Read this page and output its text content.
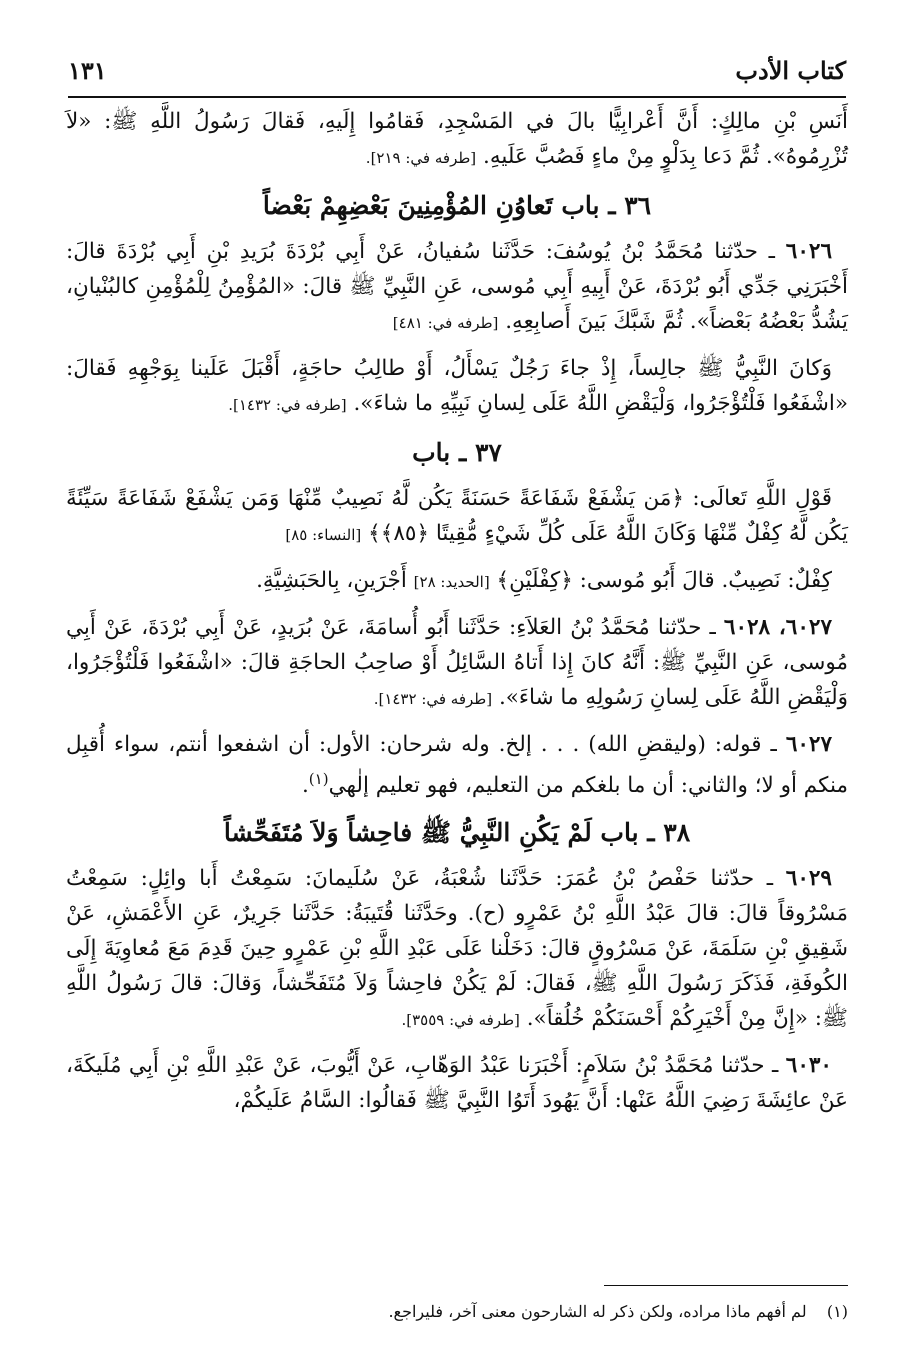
كتاب الأدب
١٣١

أَنَسِ بْنِ مالِكٍ: أَنَّ أَعْرابِيًّا بالَ في المَسْجِدِ، فَقامُوا إِلَيهِ، فَقالَ رَسُولُ اللَّهِ ﷺ: «لاَ تُزْرِمُوهُ». ثُمَّ دَعا بِدَلْوٍ مِنْ ماءٍ فَصُبَّ عَلَيهِ. [طرفه في: ٢١٩].

٣٦ ـ باب تَعاوُنِ المُؤْمِنِينَ بَعْضِهِمْ بَعْضاً

٦٠٢٦ ـ حدّثنا مُحَمَّدُ بْنُ يُوسُفَ: حَدَّثَنا سُفيانُ، عَنْ أَبِي بُرْدَةَ بُرَيدِ بْنِ أَبِي بُرْدَةَ قالَ: أَخْبَرَنِي جَدِّي أَبُو بُرْدَةَ، عَنْ أَبِيهِ أَبِي مُوسى، عَنِ النَّبِيِّ ﷺ قالَ: «المُؤْمِنُ لِلْمُؤْمِنِ كالبُنْيانِ، يَشُدُّ بَعْضُهُ بَعْضاً». ثُمَّ شَبَّكَ بَينَ أَصابِعِهِ. [طرفه في: ٤٨١]

وَكانَ النَّبِيُّ ﷺ جالِساً، إِذْ جاءَ رَجُلٌ يَسْأَلُ، أَوْ طالِبُ حاجَةٍ، أَقْبَلَ عَلَينا بِوَجْهِهِ فَقالَ: «اشْفَعُوا فَلْتُؤْجَرُوا، وَلْيَقْضِ اللَّهُ عَلَى لِسانِ نَبِيِّهِ ما شاءَ». [طرفه في: ١٤٣٢].

٣٧ ـ باب

قَوْلِ اللَّهِ تَعالَى: ﴿مَن يَشْفَعْ شَفَاعَةً حَسَنَةً يَكُن لَّهُ نَصِيبٌ مِّنْهَا وَمَن يَشْفَعْ شَفَاعَةً سَيِّئَةً يَكُن لَّهُ كِفْلٌ مِّنْهَا وَكَانَ اللَّهُ عَلَى كُلِّ شَيْءٍ مُّقِيتًا ﴿٨٥﴾﴾ [النساء: ٨٥]

كِفْلٌ: نَصِيبٌ. قالَ أَبُو مُوسى: ﴿كِفْلَيْنِ﴾ [الحديد: ٢٨] أَجْرَينِ، بِالحَبَشِيَّةِ.

٦٠٢٧، ٦٠٢٨ ـ حدّثنا مُحَمَّدُ بْنُ العَلاَءِ: حَدَّثَنا أَبُو أُسامَةَ، عَنْ بُرَيدٍ، عَنْ أَبِي بُرْدَةَ، عَنْ أَبِي مُوسى، عَنِ النَّبِيِّ ﷺ: أَنَّهُ كانَ إِذا أَتاهُ السَّائِلُ أَوْ صاحِبُ الحاجَةِ قالَ: «اشْفَعُوا فَلْتُؤْجَرُوا، وَلْيَقْضِ اللَّهُ عَلَى لِسانِ رَسُولِهِ ما شاءَ». [طرفه في: ١٤٣٢].

٦٠٢٧ ـ قوله: (وليقضِ الله) . . . إلخ. وله شرحان: الأول: أن اشفعوا أنتم، سواء أُقبِل منكم أو لا؛ والثاني: أن ما بلغكم من التعليم، فهو تعليم إلٰهي$^{(١)}$.

٣٨ ـ باب لَمْ يَكُنِ النَّبِيُّ ﷺ فاحِشاً وَلاَ مُتَفَحِّشاً

٦٠٢٩ ـ حدّثنا حَفْصُ بْنُ عُمَرَ: حَدَّثَنا شُعْبَةُ، عَنْ سُلَيمانَ: سَمِعْتُ أَبا وائِلٍ: سَمِعْتُ مَسْرُوقاً قالَ: قالَ عَبْدُ اللَّهِ بْنُ عَمْرٍو (ح). وحَدَّثَنا قُتَيبَةُ: حَدَّثَنا جَرِيرٌ، عَنِ الأَعْمَشِ، عَنْ شَقِيقِ بْنِ سَلَمَةَ، عَنْ مَسْرُوقٍ قالَ: دَخَلْنا عَلَى عَبْدِ اللَّهِ بْنِ عَمْرٍو حِينَ قَدِمَ مَعَ مُعاوِيَةَ إِلَى الكُوفَةِ، فَذَكَرَ رَسُولَ اللَّهِ ﷺ، فَقالَ: لَمْ يَكُنْ فاحِشاً وَلاَ مُتَفَحِّشاً، وَقالَ: قالَ رَسُولُ اللَّهِ ﷺ: «إِنَّ مِنْ أَخْيَرِكُمْ أَحْسَنَكُمْ خُلُقاً». [طرفه في: ٣٥٥٩].

٦٠٣٠ ـ حدّثنا مُحَمَّدُ بْنُ سَلاَمٍ: أَخْبَرَنا عَبْدُ الوَهّابِ، عَنْ أَيُّوبَ، عَنْ عَبْدِ اللَّهِ بْنِ أَبِي مُلَيكَةَ، عَنْ عائِشَةَ رَضِيَ اللَّهُ عَنْها: أَنَّ يَهُودَ أَتَوُا النَّبِيَّ ﷺ فَقالُوا: السَّامُ عَلَيكُمْ،

(١)    لم أفهم ماذا مراده، ولكن ذكر له الشارحون معنى آخر، فليراجع.
